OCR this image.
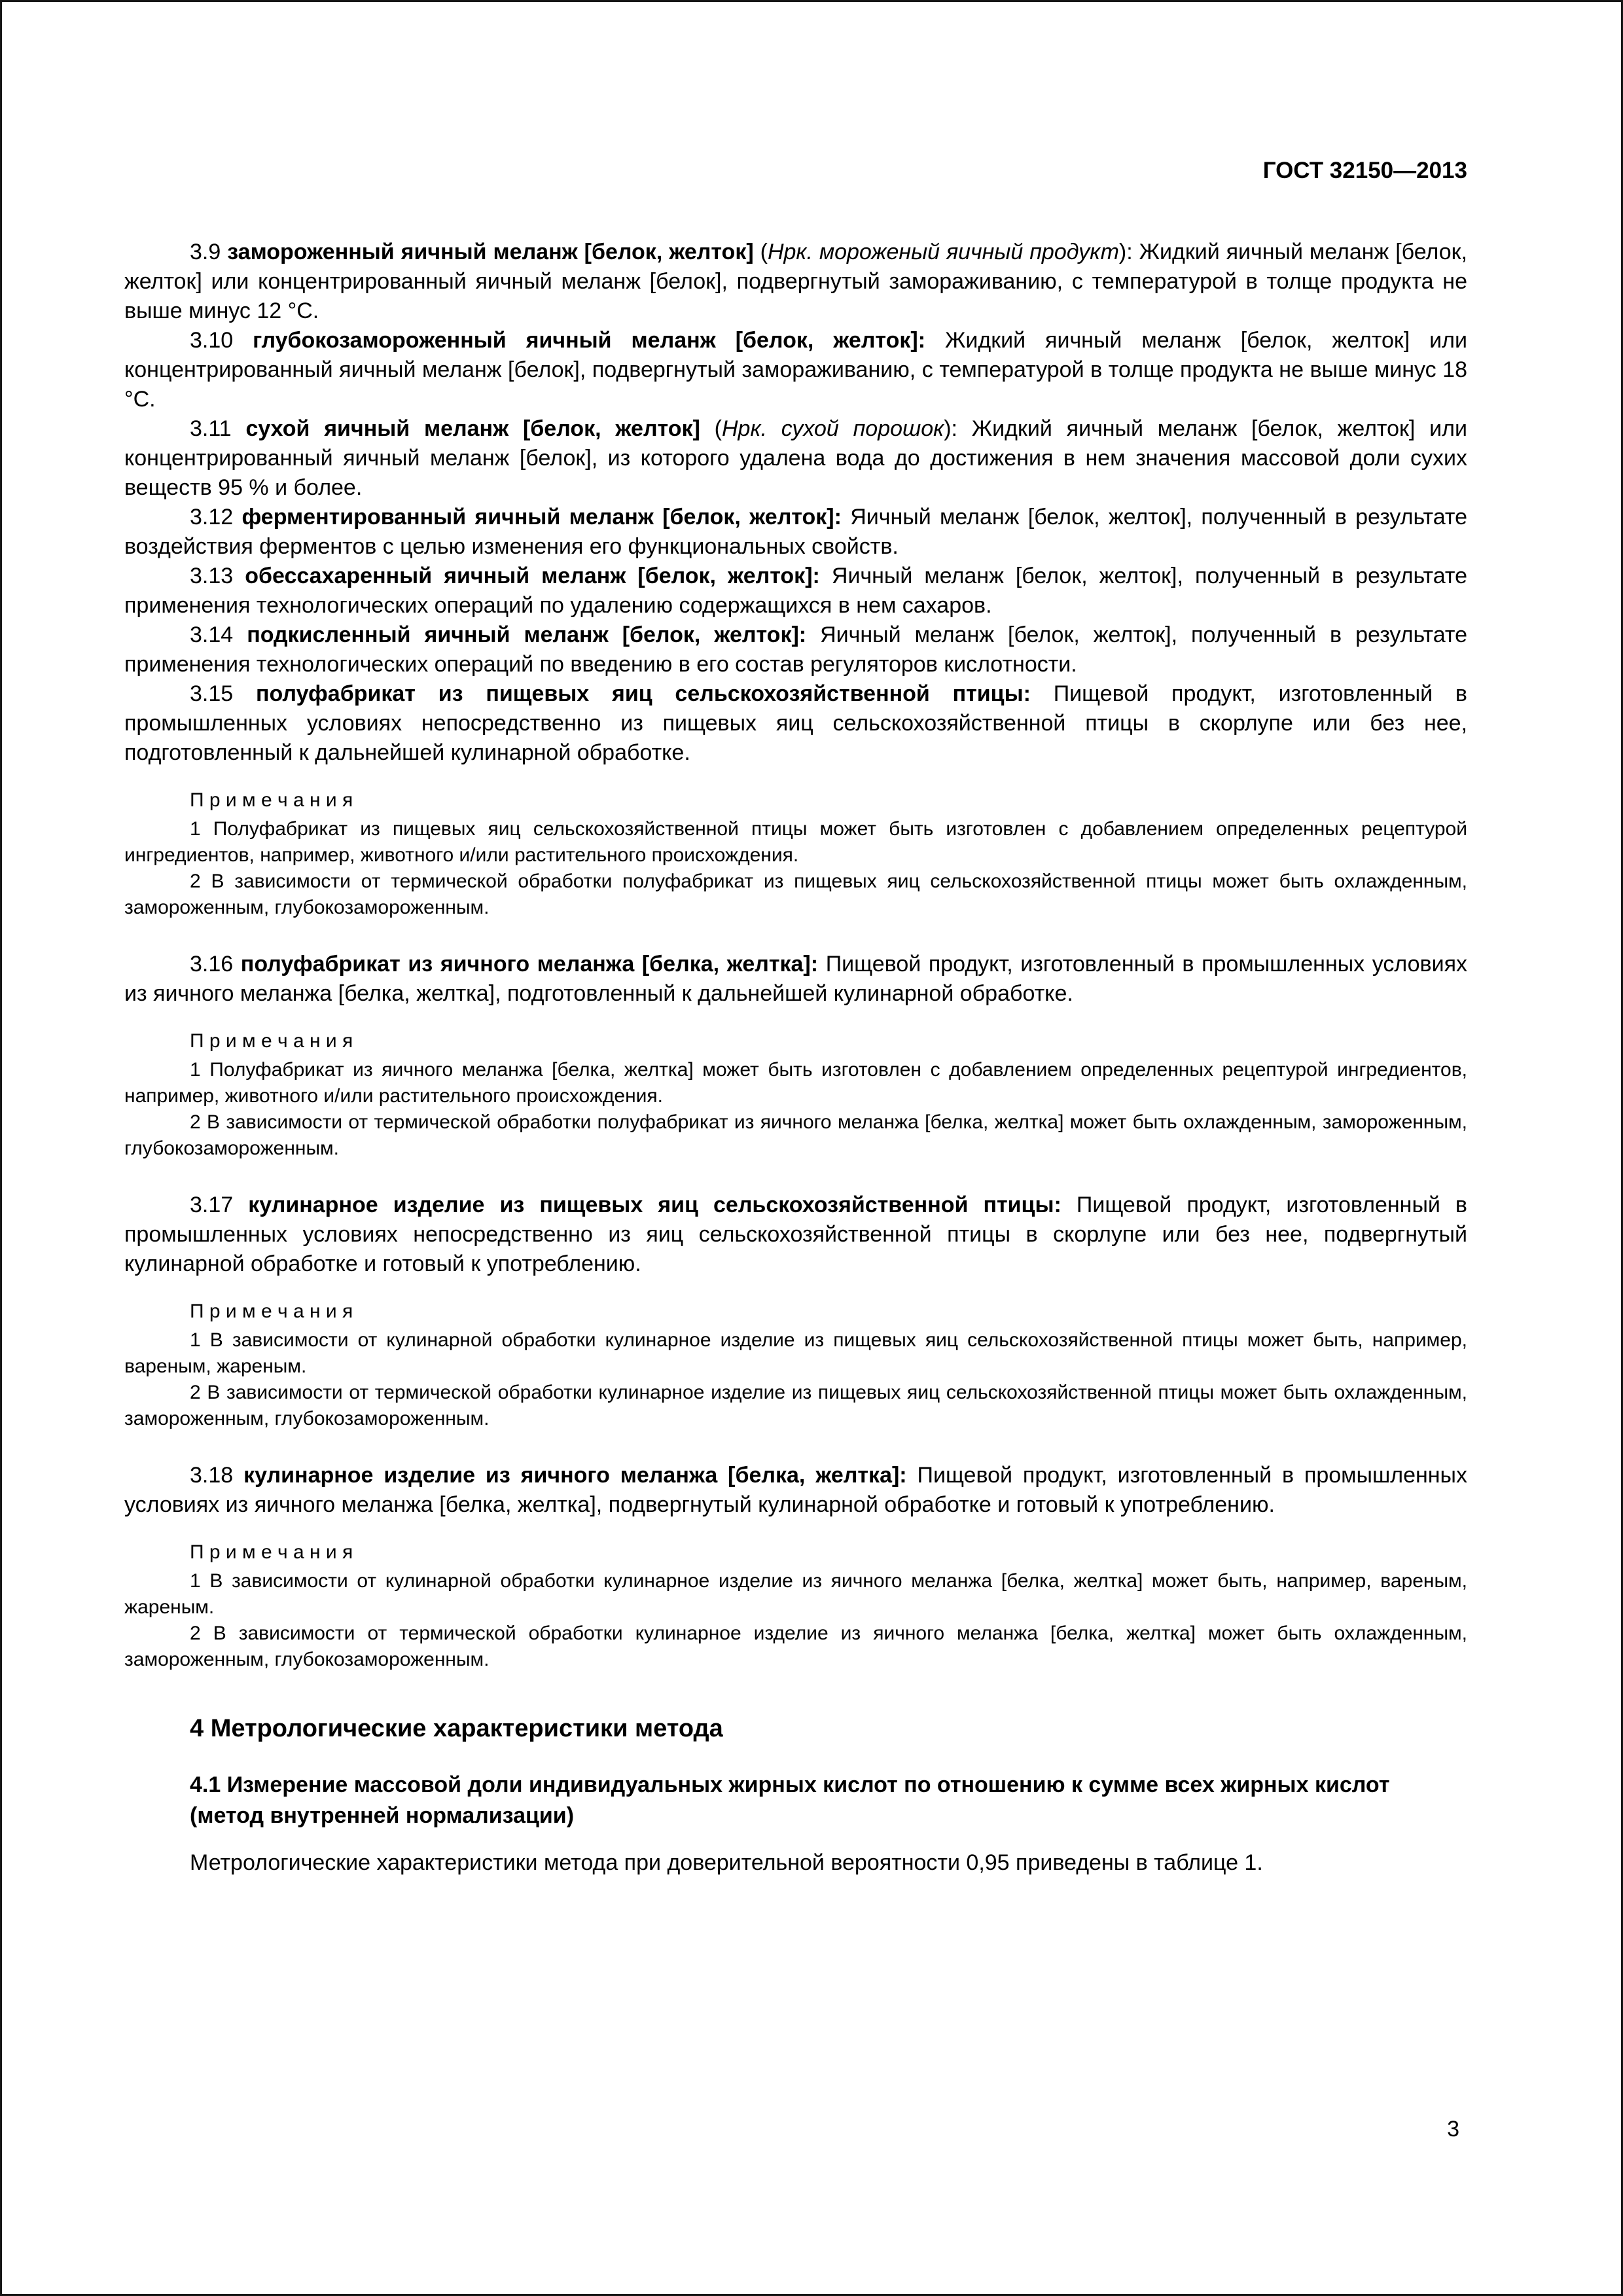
ГОСТ 32150—2013

3.9 замороженный яичный меланж [белок, желток] (Нрк. мороженый яичный продукт): Жидкий яичный меланж [белок, желток] или концентрированный яичный меланж [белок], подвергнутый замораживанию, с температурой в толще продукта не выше минус 12 °С.

3.10 глубокозамороженный яичный меланж [белок, желток]: Жидкий яичный меланж [белок, желток] или концентрированный яичный меланж [белок], подвергнутый замораживанию, с температурой в толще продукта не выше минус 18 °С.

3.11 сухой яичный меланж [белок, желток] (Нрк. сухой порошок): Жидкий яичный меланж [белок, желток] или концентрированный яичный меланж [белок], из которого удалена вода до достижения в нем значения массовой доли сухих веществ 95 % и более.

3.12 ферментированный яичный меланж [белок, желток]: Яичный меланж [белок, желток], полученный в результате воздействия ферментов с целью изменения его функциональных свойств.

3.13 обессахаренный яичный меланж [белок, желток]: Яичный меланж [белок, желток], полученный в результате применения технологических операций по удалению содержащихся в нем сахаров.

3.14 подкисленный яичный меланж [белок, желток]: Яичный меланж [белок, желток], полученный в результате применения технологических операций по введению в его состав регуляторов кислотности.

3.15 полуфабрикат из пищевых яиц сельскохозяйственной птицы: Пищевой продукт, изготовленный в промышленных условиях непосредственно из пищевых яиц сельскохозяйственной птицы в скорлупе или без нее, подготовленный к дальнейшей кулинарной обработке.

П р и м е ч а н и я

1 Полуфабрикат из пищевых яиц сельскохозяйственной птицы может быть изготовлен с добавлением определенных рецептурой ингредиентов, например, животного и/или растительного происхождения.

2 В зависимости от термической обработки полуфабрикат из пищевых яиц сельскохозяйственной птицы может быть охлажденным, замороженным, глубокозамороженным.

3.16 полуфабрикат из яичного меланжа [белка, желтка]: Пищевой продукт, изготовленный в промышленных условиях из яичного меланжа [белка, желтка], подготовленный к дальнейшей кулинарной обработке.

П р и м е ч а н и я

1 Полуфабрикат из яичного меланжа [белка, желтка] может быть изготовлен с добавлением определенных рецептурой ингредиентов, например, животного и/или растительного происхождения.

2 В зависимости от термической обработки полуфабрикат из яичного меланжа [белка, желтка] может быть охлажденным, замороженным, глубокозамороженным.

3.17 кулинарное изделие из пищевых яиц сельскохозяйственной птицы: Пищевой продукт, изготовленный в промышленных условиях непосредственно из яиц сельскохозяйственной птицы в скорлупе или без нее, подвергнутый кулинарной обработке и готовый к употреблению.

П р и м е ч а н и я

1 В зависимости от кулинарной обработки кулинарное изделие из пищевых яиц сельскохозяйственной птицы может быть, например, вареным, жареным.

2 В зависимости от термической обработки кулинарное изделие из пищевых яиц сельскохозяйственной птицы может быть охлажденным, замороженным, глубокозамороженным.

3.18 кулинарное изделие из яичного меланжа [белка, желтка]: Пищевой продукт, изготовленный в промышленных условиях из яичного меланжа [белка, желтка], подвергнутый кулинарной обработке и готовый к употреблению.

П р и м е ч а н и я

1 В зависимости от кулинарной обработки кулинарное изделие из яичного меланжа [белка, желтка] может быть, например, вареным, жареным.

2 В зависимости от термической обработки кулинарное изделие из яичного меланжа [белка, желтка] может быть охлажденным, замороженным, глубокозамороженным.

4 Метрологические характеристики метода

4.1 Измерение массовой доли индивидуальных жирных кислот по отношению к сумме всех жирных кислот (метод внутренней нормализации)

Метрологические характеристики метода при доверительной вероятности 0,95 приведены в таблице 1.

3
